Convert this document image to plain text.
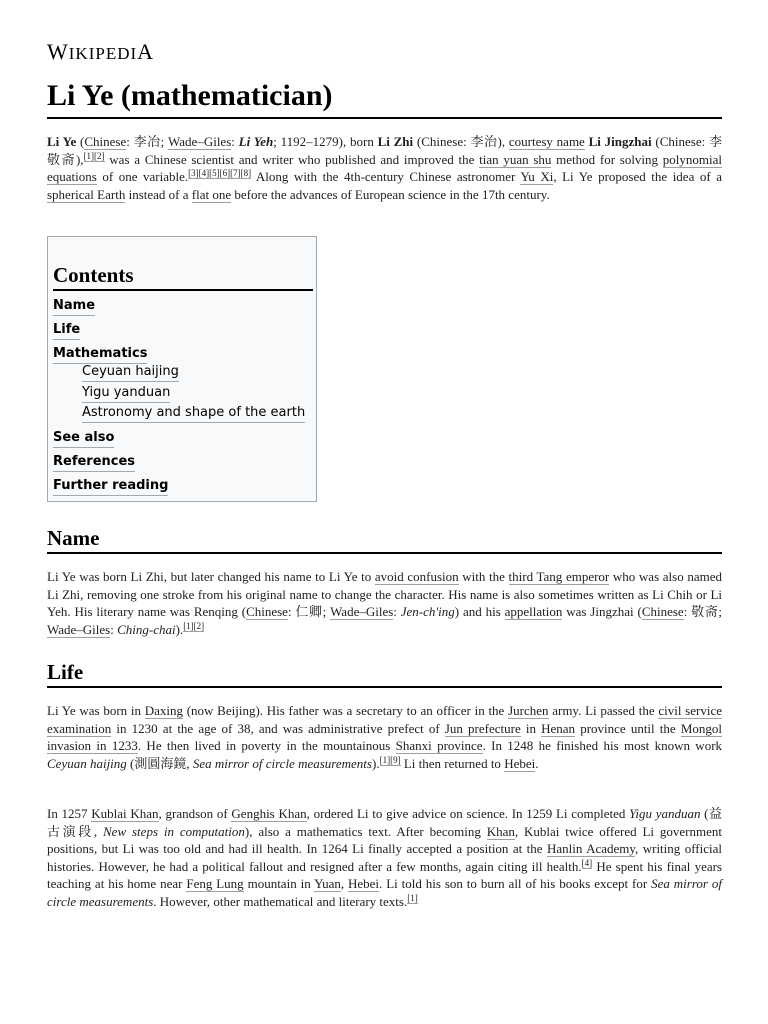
WIKIPEDIA
Li Ye (mathematician)

Li Ye (Chinese: 李冶; Wade–Giles: Li Yeh; 1192–1279), born Li Zhi (Chinese: 李治), courtesy name Li Jingzhai (Chinese: 李敬斋),[1][2] was a Chinese scientist and writer who published and improved the tian yuan shu method for solving polynomial equations of one variable.[3][4][5][6][7][8] Along with the 4th-century Chinese astronomer Yu Xi, Li Ye proposed the idea of a spherical Earth instead of a flat one before the advances of European science in the 17th century.

Contents
Name
Life
Mathematics
Ceyuan haijing
Yigu yanduan
Astronomy and shape of the earth
See also
References
Further reading
Name

Li Ye was born Li Zhi, but later changed his name to Li Ye to avoid confusion with the third Tang emperor who was also named Li Zhi, removing one stroke from his original name to change the character. His name is also sometimes written as Li Chih or Li Yeh. His literary name was Renqing (Chinese: 仁卿; Wade–Giles: Jen-ch'ing) and his appellation was Jingzhai (Chinese: 敬斋; Wade–Giles: Ching-chai).[1][2]

Life

Li Ye was born in Daxing (now Beijing). His father was a secretary to an officer in the Jurchen army. Li passed the civil service examination in 1230 at the age of 38, and was administrative prefect of Jun prefecture in Henan province until the Mongol invasion in 1233. He then lived in poverty in the mountainous Shanxi province. In 1248 he finished his most known work Ceyuan haijing (測圓海鏡, Sea mirror of circle measurements).[1][9] Li then returned to Hebei.

In 1257 Kublai Khan, grandson of Genghis Khan, ordered Li to give advice on science. In 1259 Li completed Yigu yanduan (益古演段, New steps in computation), also a mathematics text. After becoming Khan, Kublai twice offered Li government positions, but Li was too old and had ill health. In 1264 Li finally accepted a position at the Hanlin Academy, writing official histories. However, he had a political fallout and resigned after a few months, again citing ill health.[4] He spent his final years teaching at his home near Feng Lung mountain in Yuan, Hebei. Li told his son to burn all of his books except for Sea mirror of circle measurements. However, other mathematical and literary texts.[1]
